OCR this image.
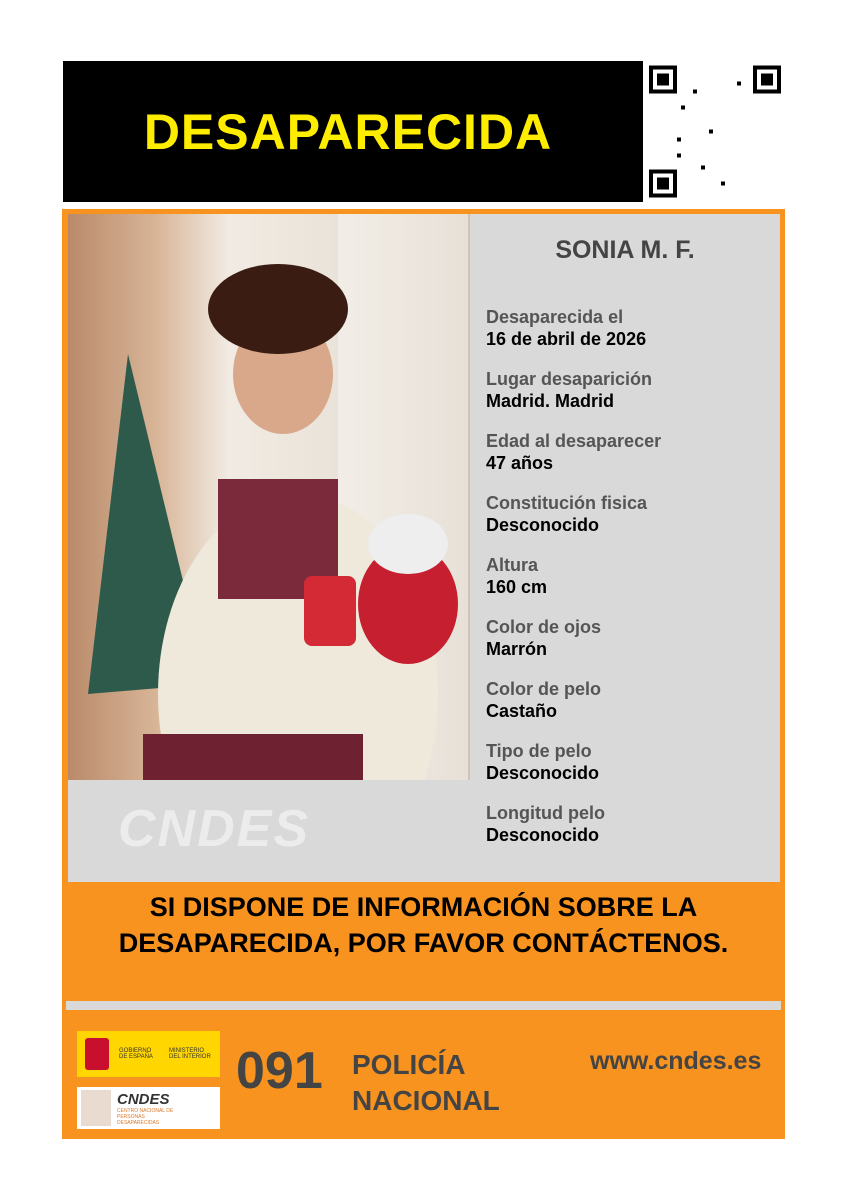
DESAPARECIDA
CNDES
SONIA M. F.
Desaparecida el
16 de abril de 2026
Lugar desaparición
Madrid. Madrid
Edad al desaparecer
47 años
Constitución fisica
Desconocido
Altura
160 cm
Color de ojos
Marrón
Color de pelo
Castaño
Tipo de pelo
Desconocido
Longitud pelo
Desconocido
SI DISPONE DE INFORMACIÓN SOBRE LA DESAPARECIDA, POR FAVOR CONTÁCTENOS.
GOBIERNO DE ESPAÑA
MINISTERIO DEL INTERIOR
CNDES
CENTRO NACIONAL DE PERSONAS DESAPARECIDAS
091 POLICÍA
NACIONAL
www.cndes.es
